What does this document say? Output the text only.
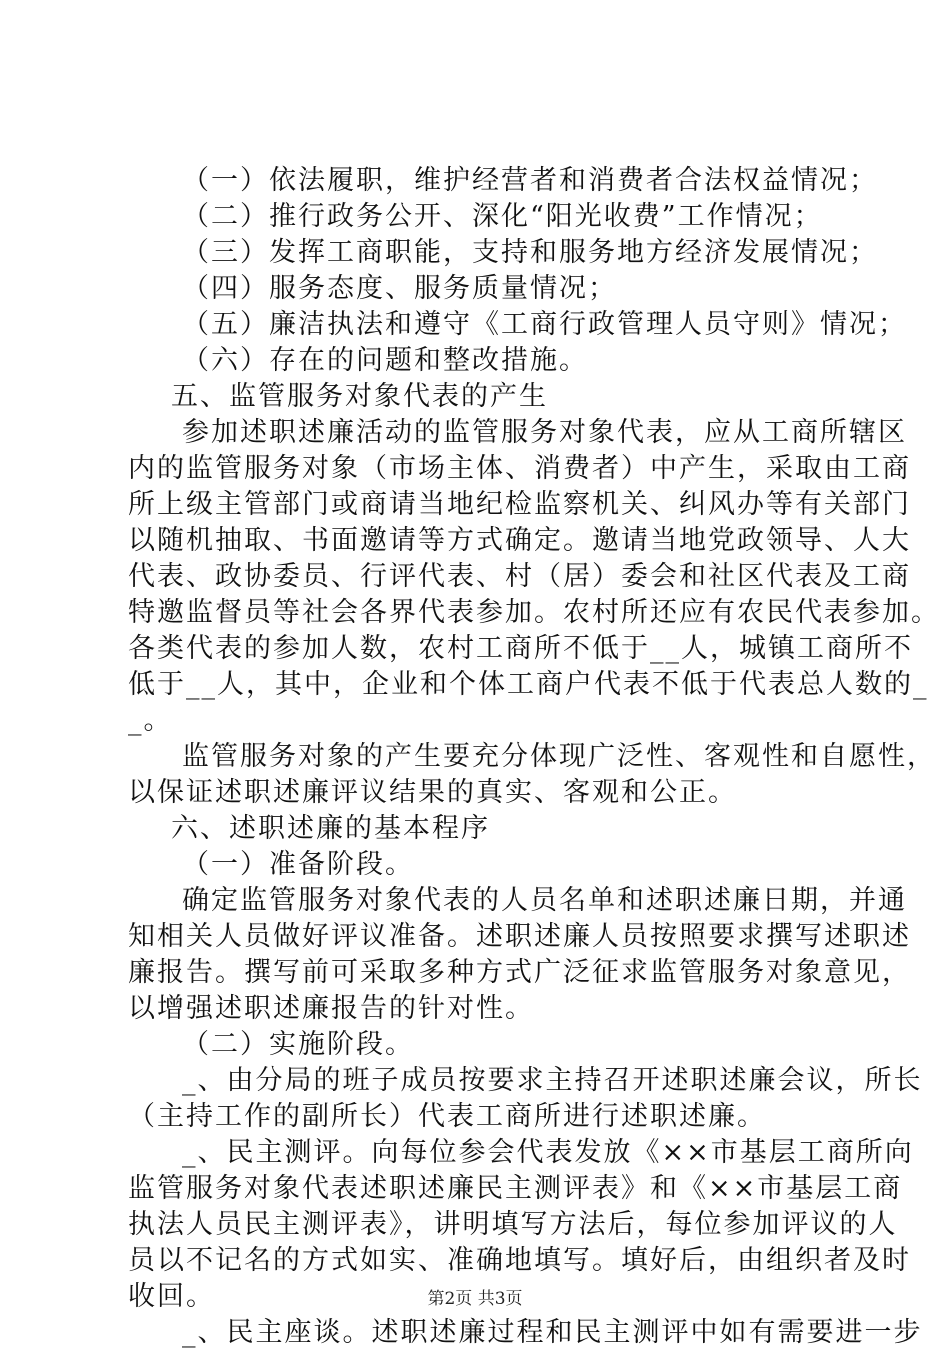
（一）依法履职，维护经营者和消费者合法权益情况；
（二）推行政务公开、深化“阳光收费”工作情况；
（三）发挥工商职能，支持和服务地方经济发展情况；
（四）服务态度、服务质量情况；
（五）廉洁执法和遵守《工商行政管理人员守则》情况；
（六）存在的问题和整改措施。
五、监管服务对象代表的产生
参加述职述廉活动的监管服务对象代表，应从工商所辖区
内的监管服务对象（市场主体、消费者）中产生，采取由工商
所上级主管部门或商请当地纪检监察机关、纠风办等有关部门
以随机抽取、书面邀请等方式确定。邀请当地党政领导、人大
代表、政协委员、行评代表、村（居）委会和社区代表及工商
特邀监督员等社会各界代表参加。农村所还应有农民代表参加。
各类代表的参加人数，农村工商所不低于__人，城镇工商所不
低于__人，其中，企业和个体工商户代表不低于代表总人数的_
_。
监管服务对象的产生要充分体现广泛性、客观性和自愿性，
以保证述职述廉评议结果的真实、客观和公正。
六、述职述廉的基本程序
（一）准备阶段。
确定监管服务对象代表的人员名单和述职述廉日期，并通
知相关人员做好评议准备。述职述廉人员按照要求撰写述职述
廉报告。撰写前可采取多种方式广泛征求监管服务对象意见，
以增强述职述廉报告的针对性。
（二）实施阶段。
_、由分局的班子成员按要求主持召开述职述廉会议，所长
（主持工作的副所长）代表工商所进行述职述廉。
_、民主测评。向每位参会代表发放《××市基层工商所向
监管服务对象代表述职述廉民主测评表》和《××市基层工商
执法人员民主测评表》，讲明填写方法后，每位参加评议的人
员以不记名的方式如实、准确地填写。填好后，由组织者及时
收回。
_、民主座谈。述职述廉过程和民主测评中如有需要进一步
第2页 共3页
